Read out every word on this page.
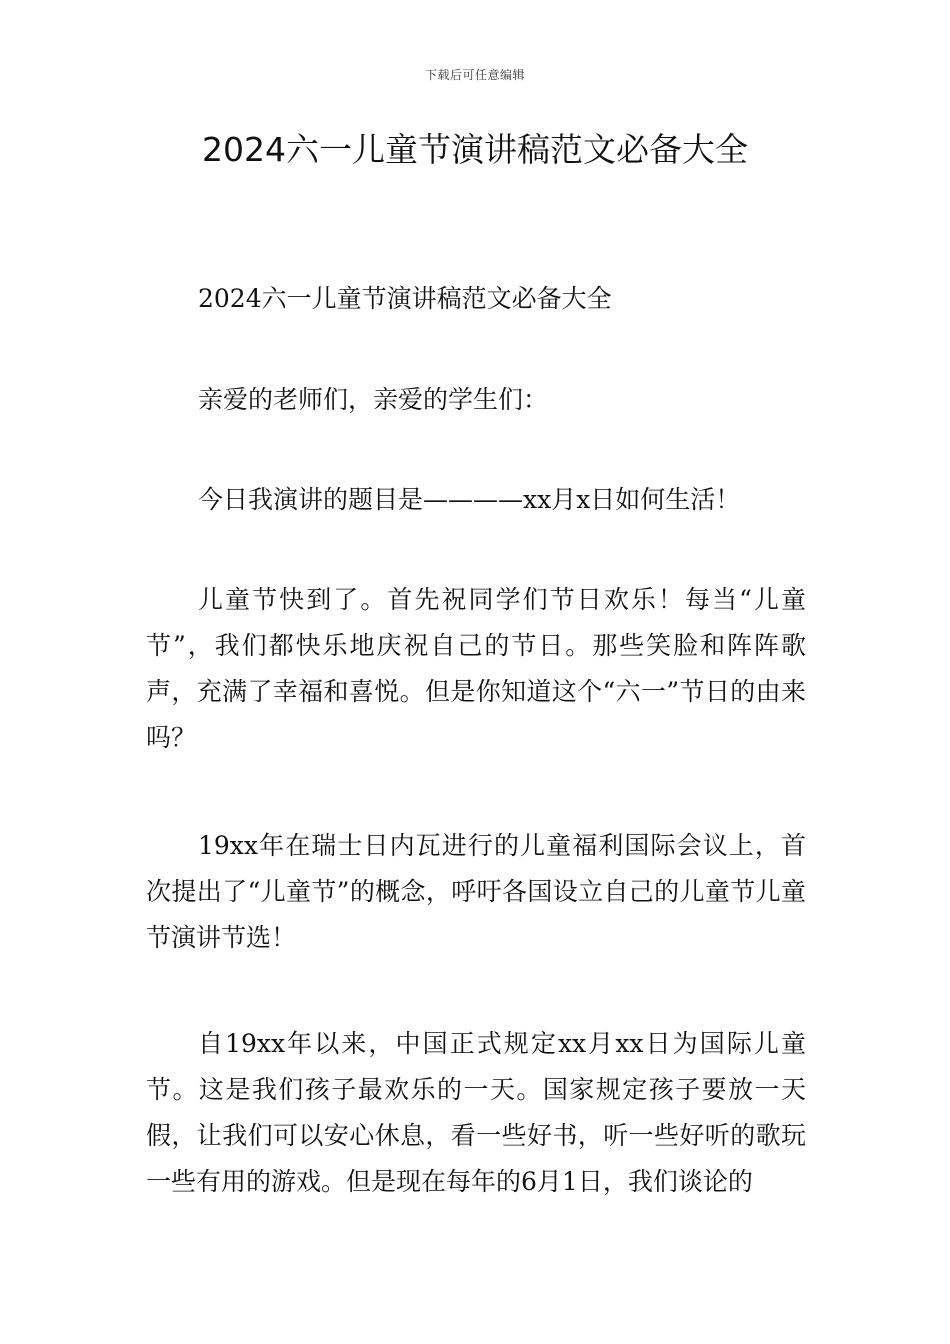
下载后可任意编辑
2024六一儿童节演讲稿范文必备大全

2024六一儿童节演讲稿范文必备大全

亲爱的老师们，亲爱的学生们：

今日我演讲的题目是————xx月x日如何生活！

儿童节快到了。首先祝同学们节日欢乐！每当“儿童节”，我们都快乐地庆祝自己的节日。那些笑脸和阵阵歌声，充满了幸福和喜悦。但是你知道这个“六一”节日的由来吗？

19xx年在瑞士日内瓦进行的儿童福利国际会议上，首次提出了“儿童节”的概念，呼吁各国设立自己的儿童节儿童节演讲节选！

自19xx年以来，中国正式规定xx月xx日为国际儿童节。这是我们孩子最欢乐的一天。国家规定孩子要放一天假，让我们可以安心休息，看一些好书，听一些好听的歌玩一些有用的游戏。但是现在每年的6月1日，我们谈论的
